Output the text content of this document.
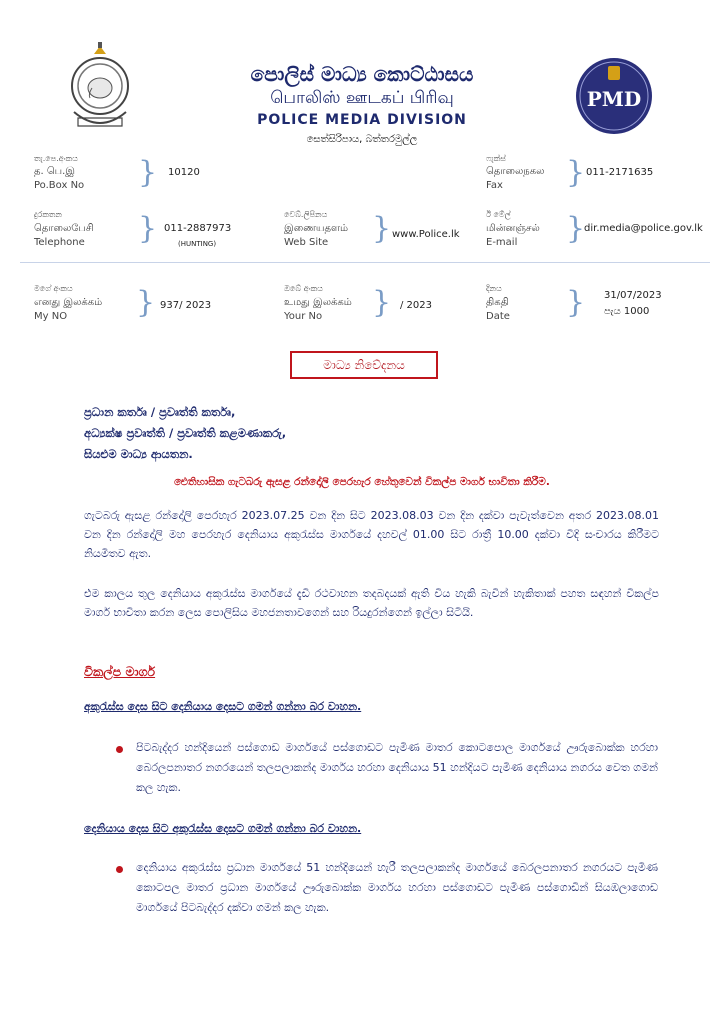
පොලිස් මාධ්‍ය කොට්ඨාසය
பொலிஸ் ஊடகப் பிரிவு
POLICE MEDIA DIVISION
සෙත්සිරිපාය, බත්තරමුල්ල
PMD
තැ.පෙ.අංකය
த. பெ.இ
Po.Box No } 10120
ෆැක්ස්
தொலைநகல
Fax } 011-2171635
දුරකතන
தொலைபேசி
Telephone } 011-2887973
(HUNTING)
වෙබ්.ලිපිනය
இணையதளம்
Web Site } www.Police.lk
ඊ මේල්
மின்னஞ்சல்
E-mail }
dir.media@police.gov.lk
මගේ අංකය
எனது இலக்கம்
My NO } 937/ 2023
ඔබේ අංකය
உமது இலக்கம்
Your No } / 2023
දිනය
திகதி
Date } 31/07/2023
පැය 1000
මාධ්‍ය නිවේදනය
ප්‍රධාන කර්තෘ / ප්‍රවෘත්ති කර්තෘ,
අධ්‍යක්ෂ ප්‍රවෘත්ති / ප්‍රවෘත්ති කළමණාකරු,
සියළුම මාධ්‍ය ආයතන.
ඓතිහාසික ගැටබරු ඇසළ රන්දෝලි පෙරහැර හේතුවෙන් විකල්ප මාර්ග භාවිතා කිරීම.
ගැටබරු ඇසළ රන්දෝලි පෙරහැර 2023.07.25 වන දින සිට 2023.08.03 වන දින දක්වා පැවැත්වෙන අතර 2023.08.01 වන දින රන්දෝලි මහ පෙරහැර දෙනියාය අකුරැස්ස මාර්ගයේ දහවල් 01.00 සිට රාත්‍රී 10.00 දක්වා විදි සංචාරය කිරීමට නියමිතව ඇත.
එම කාලය තුල දෙනියාය අකුරැස්ස මාර්ගයේ දැඩි රථවාහන තදබදයක් ඇති විය හැකි බැවින් හැකිතාක් පහත සඳහන් විකල්ප මාර්ග භාවිතා කරන ලෙස පොලිසිය මහජනතාවගෙන් සහ රියදුරන්ගෙන් ඉල්ලා සිටියි.
විකල්ප මාර්ග
අකුරැස්ස දෙස සිට දෙනියාය දෙසට ගමන් ගන්නා බර වාහන.
පිටබැද්දර හන්දියෙන් පස්ගොඩ මාර්ගයේ පස්ගොඩට පැමිණ මාතර කොටපොල මාර්ගයේ ඌරුබොක්ක හරහා බෙරලපනාතර නගරයෙන් තලපලාකන්ද මාර්ගය හරහා දෙනියාය 51 හන්දියට පැමිණ දෙනියාය නගරය වෙත ගමන් කල හැක.
දෙනියාය දෙස සිට අකුරැස්ස දෙසට ගමන් ගන්නා බර වාහන.
දෙනියාය අකුරැස්ස ප්‍රධාන මාර්ගයේ 51 හන්දියෙන් හැරී තලපලාකන්ද මාර්ගයේ බෙරලපනාතර නගරයට පැමිණ කොටපල මාතර ප්‍රධාන මාර්ගයේ ඌරුබොක්ක මාර්ගය හරහා පස්ගොඩට පැමිණ පස්ගොඩින් සියඹලාගොඩ මාර්ගයේ පිටබැද්දර දක්වා ගමන් කල හැක.
